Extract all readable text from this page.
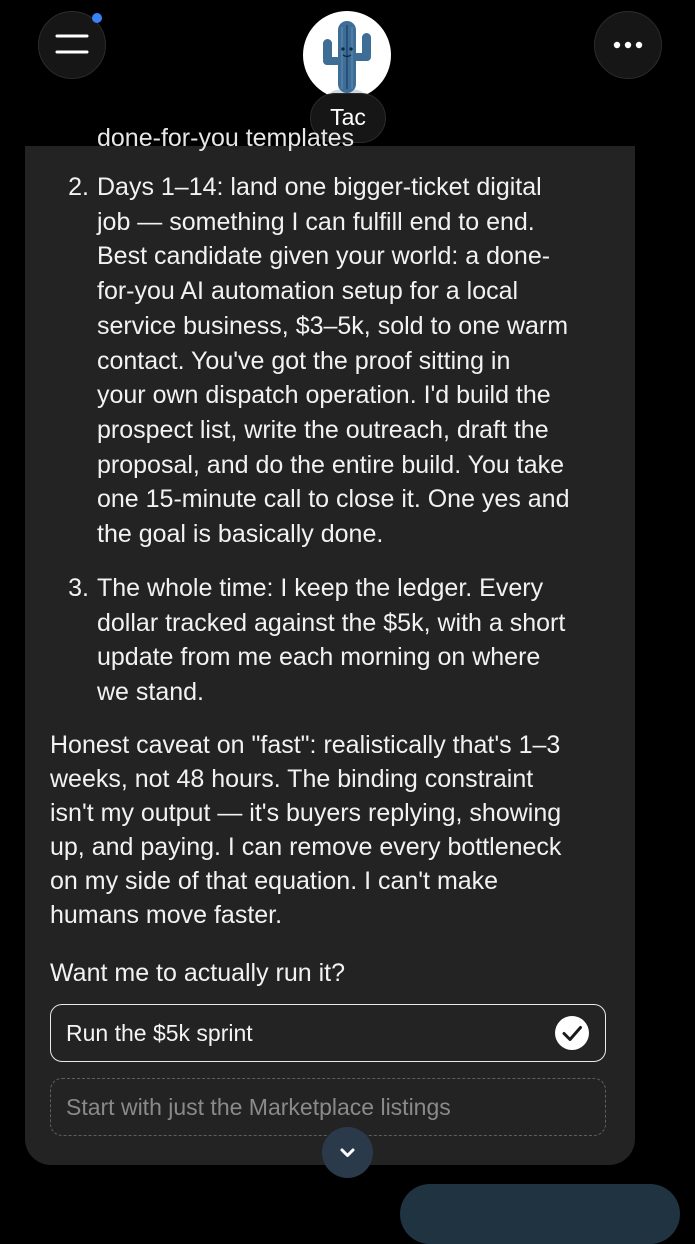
Tac
done-for-you templates
2. Days 1–14: land one bigger-ticket digital
job — something I can fulfill end to end.
Best candidate given your world: a done-
for-you AI automation setup for a local
service business, $3–5k, sold to one warm
contact. You've got the proof sitting in
your own dispatch operation. I'd build the
prospect list, write the outreach, draft the
proposal, and do the entire build. You take
one 15-minute call to close it. One yes and
the goal is basically done.
3. The whole time: I keep the ledger. Every
dollar tracked against the $5k, with a short
update from me each morning on where
we stand.
Honest caveat on "fast": realistically that's 1–3
weeks, not 48 hours. The binding constraint
isn't my output — it's buyers replying, showing
up, and paying. I can remove every bottleneck
on my side of that equation. I can't make
humans move faster.
Want me to actually run it?
Run the $5k sprint
Start with just the Marketplace listings
